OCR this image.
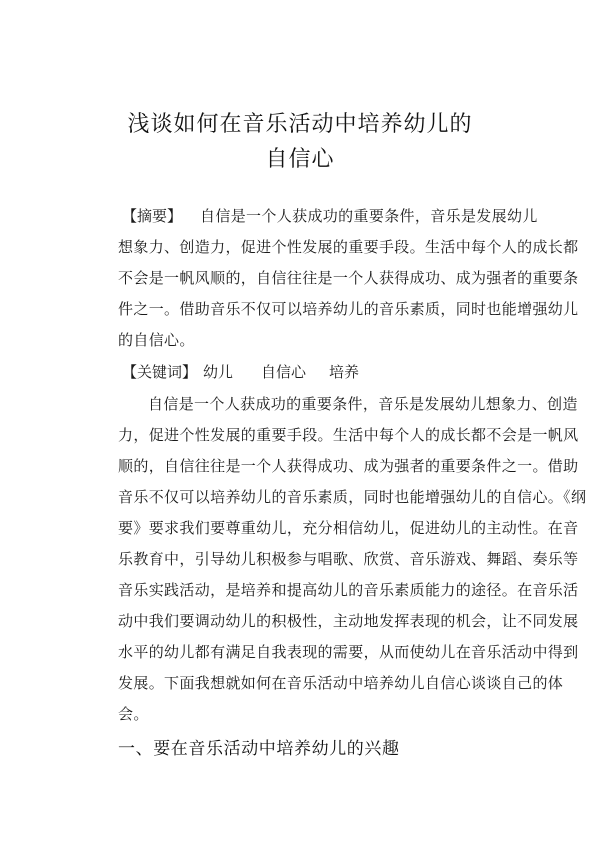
浅谈如何在音乐活动中培养幼儿的
自信心
【摘要】 自信是一个人获成功的重要条件，音乐是发展幼儿
想象力、创造力，促进个性发展的重要手段。生活中每个人的成长都
不会是一帆风顺的，自信往往是一个人获得成功、成为强者的重要条
件之一。借助音乐不仅可以培养幼儿的音乐素质，同时也能增强幼儿
的自信心。
【关键词】 幼儿 自信心 培养
自信是一个人获成功的重要条件，音乐是发展幼儿想象力、创造
力，促进个性发展的重要手段。生活中每个人的成长都不会是一帆风
顺的，自信往往是一个人获得成功、成为强者的重要条件之一。借助
音乐不仅可以培养幼儿的音乐素质，同时也能增强幼儿的自信心。《纲
要》要求我们要尊重幼儿，充分相信幼儿，促进幼儿的主动性。在音
乐教育中，引导幼儿积极参与唱歌、欣赏、音乐游戏、舞蹈、奏乐等
音乐实践活动，是培养和提高幼儿的音乐素质能力的途径。在音乐活
动中我们要调动幼儿的积极性，主动地发挥表现的机会，让不同发展
水平的幼儿都有满足自我表现的需要，从而使幼儿在音乐活动中得到
发展。下面我想就如何在音乐活动中培养幼儿自信心谈谈自己的体
会。
一、要在音乐活动中培养幼儿的兴趣
